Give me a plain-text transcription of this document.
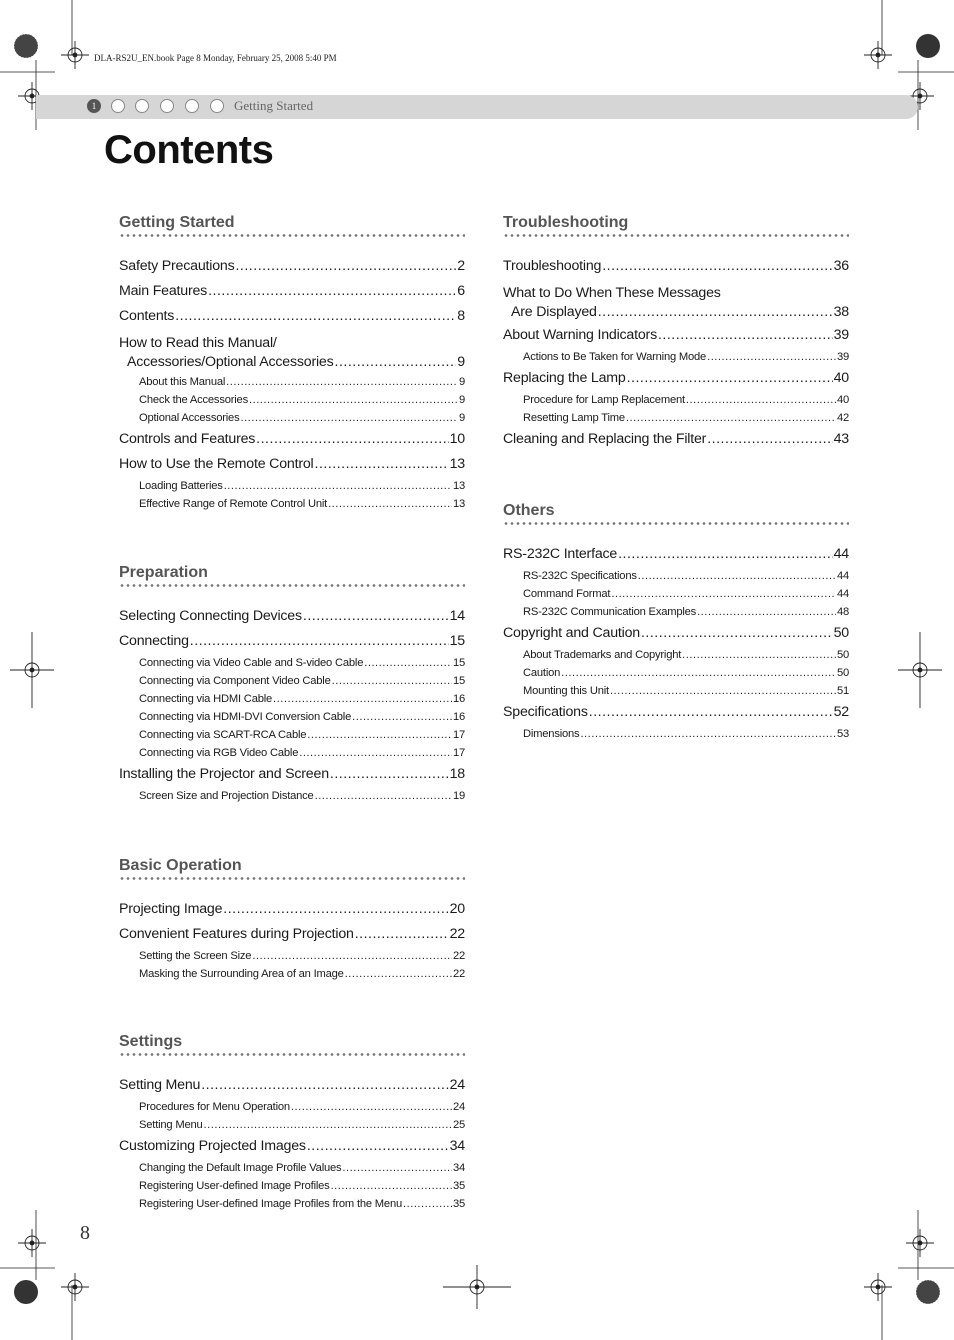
DLA-RS2U_EN.book Page 8 Monday, February 25, 2008 5:40 PM
1	Getting Started
Contents
Getting Started
Safety Precautions .....	2
Main Features .....	6
Contents .....	8
How to Read this Manual/
Accessories/Optional Accessories .....	9
About this Manual .....	9
Check the Accessories .....	9
Optional Accessories .....	9
Controls and Features .....	10
How to Use the Remote Control .....	13
Loading Batteries .....	13
Effective Range of Remote Control Unit .....	13
Preparation
Selecting Connecting Devices .....	14
Connecting .....	15
Connecting via Video Cable and S-video Cable .....	15
Connecting via Component Video Cable .....	15
Connecting via HDMI Cable .....	16
Connecting via HDMI-DVI Conversion Cable .....	16
Connecting via SCART-RCA Cable .....	17
Connecting via RGB Video Cable .....	17
Installing the Projector and Screen .....	18
Screen Size and Projection Distance .....	19
Basic Operation
Projecting Image .....	20
Convenient Features during Projection .....	22
Setting the Screen Size .....	22
Masking the Surrounding Area of an Image .....	22
Settings
Setting Menu .....	24
Procedures for Menu Operation .....	24
Setting Menu .....	25
Customizing Projected Images .....	34
Changing the Default Image Profile Values .....	34
Registering User-defined Image Profiles .....	35
Registering User-defined Image Profiles from the Menu .....	35
Troubleshooting
Troubleshooting .....	36
What to Do When These Messages
Are Displayed .....	38
About Warning Indicators .....	39
Actions to Be Taken for Warning Mode .....	39
Replacing the Lamp .....	40
Procedure for Lamp Replacement .....	40
Resetting Lamp Time .....	42
Cleaning and Replacing the Filter .....	43
Others
RS-232C Interface .....	44
RS-232C Specifications .....	44
Command Format .....	44
RS-232C Communication Examples .....	48
Copyright and Caution .....	50
About Trademarks and Copyright .....	50
Caution .....	50
Mounting this Unit .....	51
Specifications .....	52
Dimensions .....	53
8
